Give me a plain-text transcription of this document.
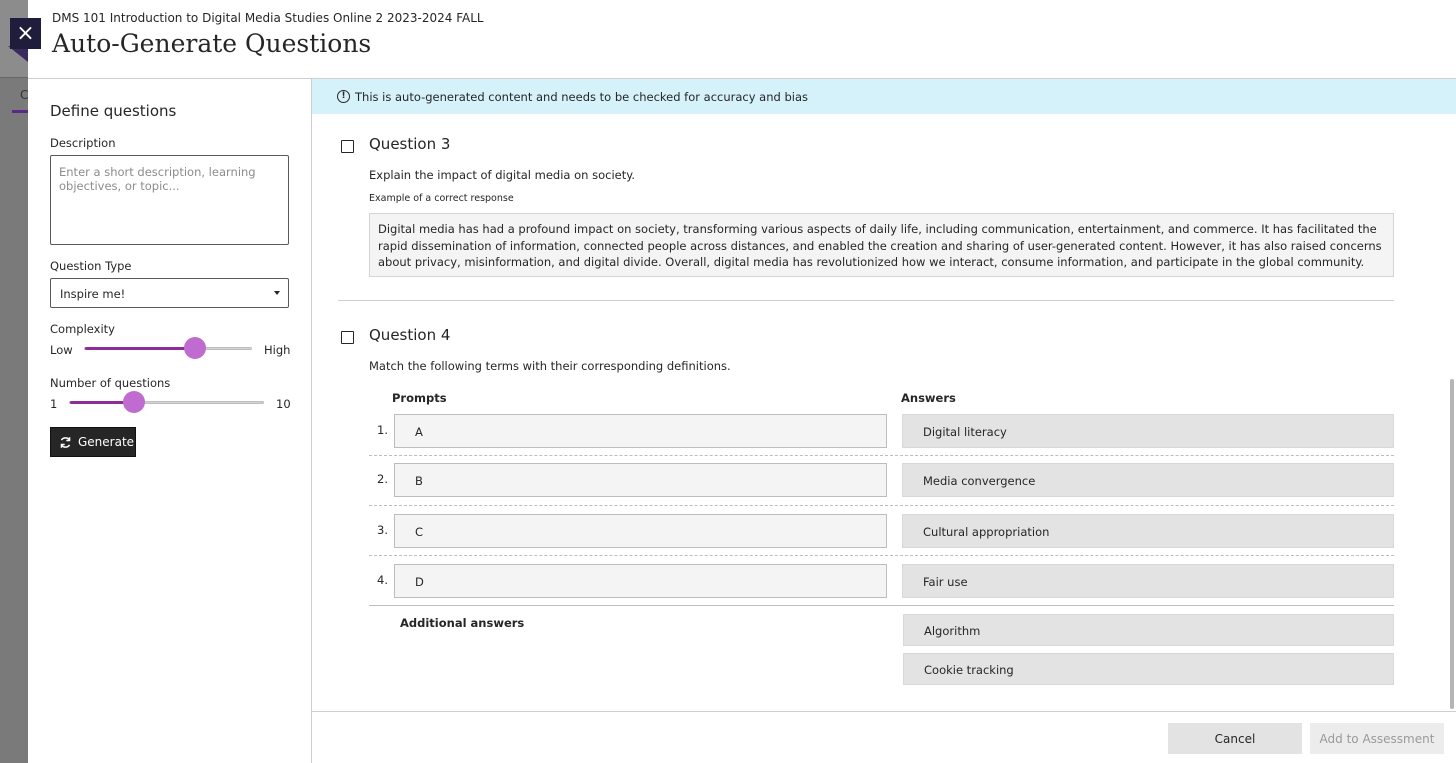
C
×
DMS 101 Introduction to Digital Media Studies Online 2 2023-2024 FALL
Auto-Generate Questions
Define questions
Description
Enter a short description, learning objectives, or topic...
Question Type
Inspire me!
Complexity
Low	High
Number of questions
1	10
Generate
! This is auto-generated content and needs to be checked for accuracy and bias
Question 3
Explain the impact of digital media on society.
Example of a correct response
Digital media has had a profound impact on society, transforming various aspects of daily life, including communication, entertainment, and commerce. It has facilitated the rapid dissemination of information, connected people across distances, and enabled the creation and sharing of user-generated content. However, it has also raised concerns about privacy, misinformation, and digital divide. Overall, digital media has revolutionized how we interact, consume information, and participate in the global community.
Question 4
Match the following terms with their corresponding definitions.
Prompts	Answers
1.	A	Digital literacy
2.	B	Media convergence
3.	C	Cultural appropriation
4.	D	Fair use
Additional answers
Algorithm
Cookie tracking
Cancel	Add to Assessment
